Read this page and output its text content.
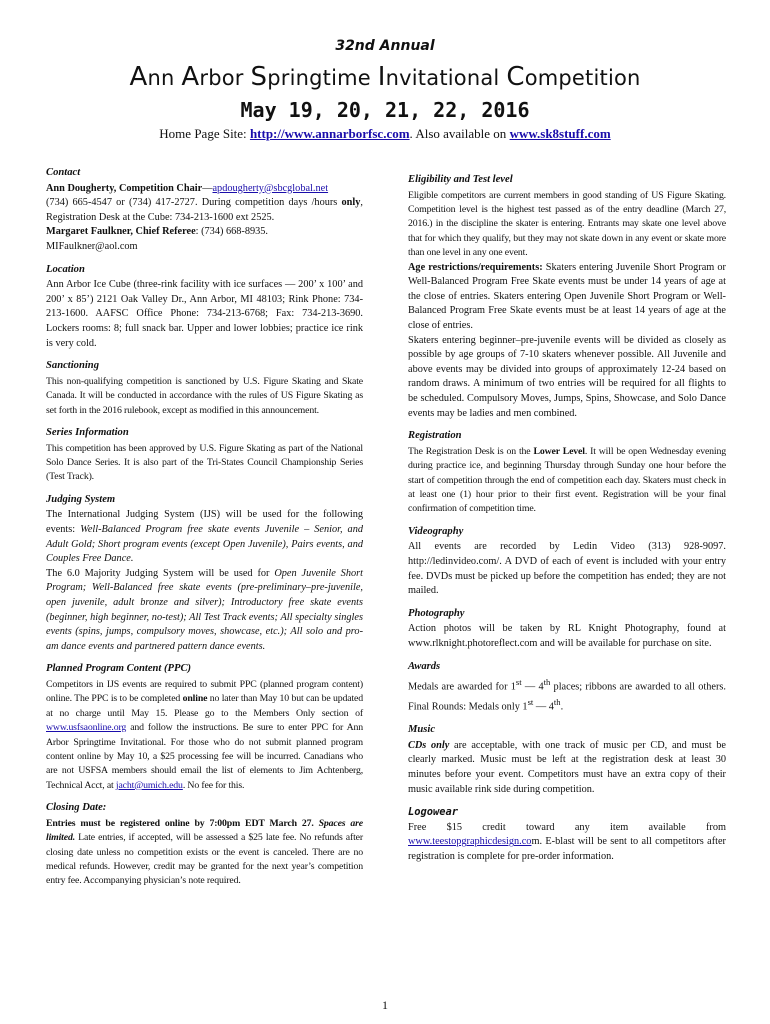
32nd Annual
Ann Arbor Springtime Invitational Competition
May 19, 20, 21, 22, 2016
Home Page Site: http://www.annarborfsc.com. Also available on www.sk8stuff.com
Contact

Ann Dougherty, Competition Chair—apdougherty@sbcglobal.net
(734) 665-4547 or (734) 417-2727. During competition days /hours only, Registration Desk at the Cube: 734-213-1600 ext 2525.
Margaret Faulkner, Chief Referee: (734) 668-8935.
MIFaulkner@aol.com

Location

Ann Arbor Ice Cube (three-rink facility with ice surfaces — 200’ x 100’ and 200’ x 85’) 2121 Oak Valley Dr., Ann Arbor, MI 48103; Rink Phone: 734-213-1600. AAFSC Office Phone: 734-213-6768; Fax: 734-213-3690. Lockers rooms: 8; full snack bar. Upper and lower lobbies; practice ice rink is very cold.

Sanctioning

This non-qualifying competition is sanctioned by U.S. Figure Skating and Skate Canada. It will be conducted in accordance with the rules of US Figure Skating as set forth in the 2016 rulebook, except as modified in this announcement.

Series Information

This competition has been approved by U.S. Figure Skating as part of the National Solo Dance Series. It is also part of the Tri-States Council Championship Series (Test Track).

Judging System

The International Judging System (IJS) will be used for the following events: Well-Balanced Program free skate events Juvenile – Senior, and Adult Gold; Short program events (except Open Juvenile), Pairs events, and Couples Free Dance.

The 6.0 Majority Judging System will be used for Open Juvenile Short Program; Well-Balanced free skate events (pre-preliminary–pre-juvenile, open juvenile, adult bronze and silver); Introductory free skate events (beginner, high beginner, no-test); All Test Track events; All specialty singles events (spins, jumps, compulsory moves, showcase, etc.); All solo and pro-am dance events and partnered pattern dance events.

Planned Program Content (PPC)

Competitors in IJS events are required to submit PPC (planned program content) online. The PPC is to be completed online no later than May 10 but can be updated at no charge until May 15. Please go to the Members Only section of www.usfsaonline.org and follow the instructions. Be sure to enter PPC for Ann Arbor Springtime Invitational. For those who do not submit planned program content online by May 10, a $25 processing fee will be incurred. Canadians who are not USFSA members should email the list of elements to Jim Achtenberg, Technical Acct, at jacht@umich.edu. No fee for this.

Closing Date:

Entries must be registered online by 7:00pm EDT March 27. Spaces are limited. Late entries, if accepted, will be assessed a $25 late fee. No refunds after closing date unless no competition exists or the event is canceled. There are no medical refunds. However, credit may be granted for the next year’s competition entry fee. Accompanying physician’s note required.

Eligibility and Test level

Eligible competitors are current members in good standing of US Figure Skating. Competition level is the highest test passed as of the entry deadline (March 27, 2016.) in the discipline the skater is entering. Entrants may skate one level above that for which they qualify, but they may not skate down in any event or skate more than one level in any one event.

Age restrictions/requirements: Skaters entering Juvenile Short Program or Well-Balanced Program Free Skate events must be under 14 years of age at the close of entries. Skaters entering Open Juvenile Short Program or Well-Balanced Program Free Skate events must be at least 14 years of age at the close of entries.

Skaters entering beginner–pre-juvenile events will be divided as closely as possible by age groups of 7-10 skaters whenever possible. All Juvenile and above events may be divided into groups of approximately 12-24 based on random draws. A minimum of two entries will be required for all flights to be scheduled. Compulsory Moves, Jumps, Spins, Showcase, and Solo Dance events may be ladies and men combined.

Registration

The Registration Desk is on the Lower Level. It will be open Wednesday evening during practice ice, and beginning Thursday through Sunday one hour before the start of competition through the end of competition each day. Skaters must check in at least one (1) hour prior to their first event. Registration will be your final confirmation of competition time.

Videography

All events are recorded by Ledin Video (313) 928-9097. http://ledinvideo.com/. A DVD of each of event is included with your entry fee. DVDs must be picked up before the competition has ended; they are not mailed.

Photography

Action photos will be taken by RL Knight Photography, found at www.rlknight.photoreflect.com and will be available for purchase on site.

Awards

Medals are awarded for 1st — 4th places; ribbons are awarded to all others. Final Rounds: Medals only 1st — 4th.

Music

CDs only are acceptable, with one track of music per CD, and must be clearly marked. Music must be left at the registration desk at least 30 minutes before your event. Competitors must have an extra copy of their music available rink side during competition.

Logowear

Free $15 credit toward any item available from www.teestopgraphicdesign.com. E-blast will be sent to all competitors after registration is complete for pre-order information.

1
